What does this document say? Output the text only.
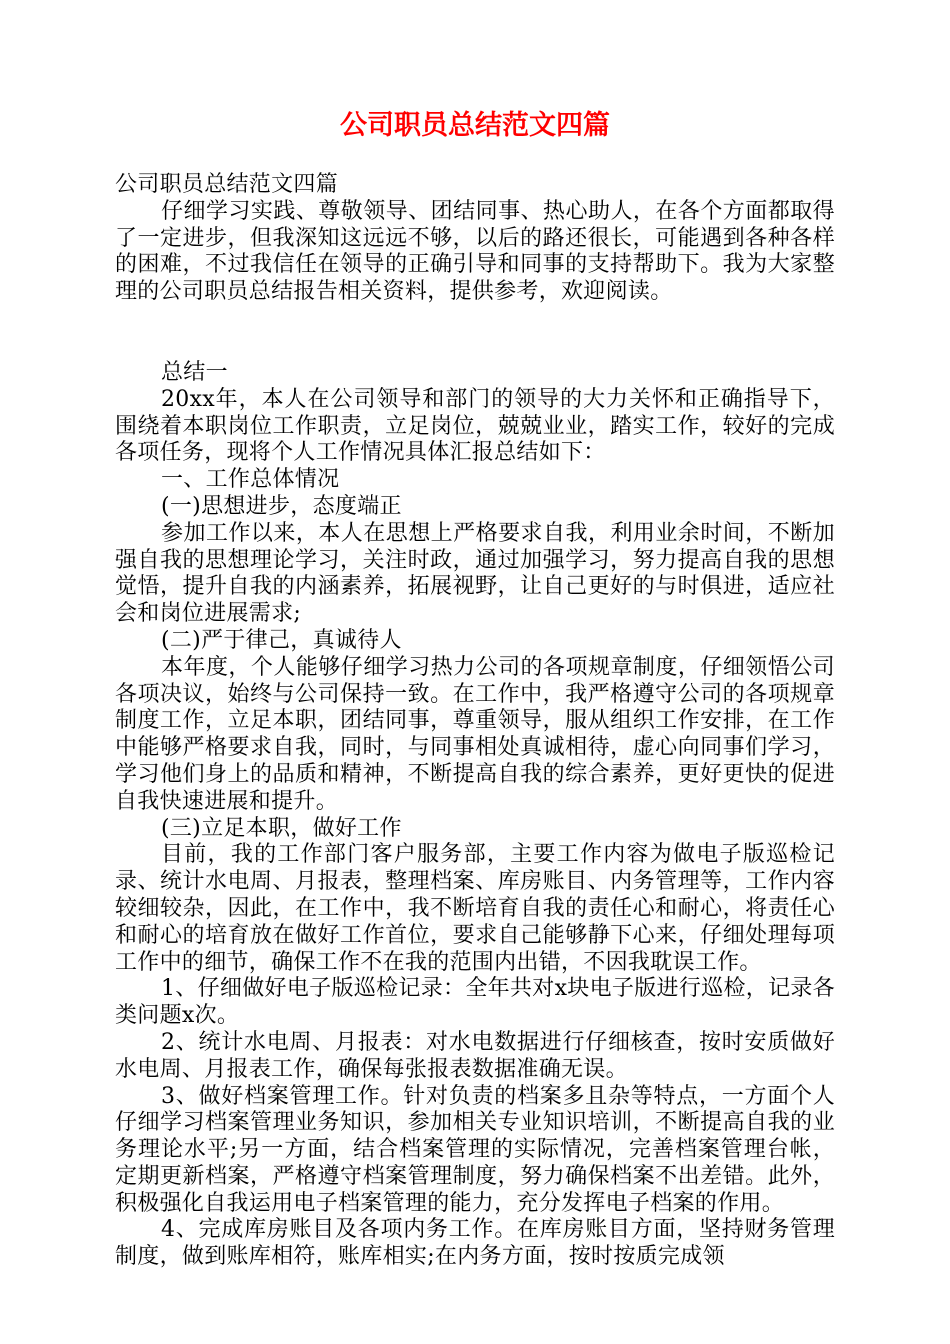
公司职员总结范文四篇

公司职员总结范文四篇

仔细学习实践、尊敬领导、团结同事、热心助人，在各个方面都取得了一定进步，但我深知这远远不够，以后的路还很长，可能遇到各种各样的困难，不过我信任在领导的正确引导和同事的支持帮助下。我为大家整理的公司职员总结报告相关资料，提供参考，欢迎阅读。

总结一

20xx年，本人在公司领导和部门的领导的大力关怀和正确指导下，围绕着本职岗位工作职责，立足岗位，兢兢业业，踏实工作，较好的完成各项任务，现将个人工作情况具体汇报总结如下：

一、工作总体情况

(一)思想进步，态度端正

参加工作以来，本人在思想上严格要求自我，利用业余时间，不断加强自我的思想理论学习，关注时政，通过加强学习，努力提高自我的思想觉悟，提升自我的内涵素养，拓展视野，让自己更好的与时俱进，适应社会和岗位进展需求;

(二)严于律己，真诚待人

本年度，个人能够仔细学习热力公司的各项规章制度，仔细领悟公司各项决议，始终与公司保持一致。在工作中，我严格遵守公司的各项规章制度工作，立足本职，团结同事，尊重领导，服从组织工作安排，在工作中能够严格要求自我，同时，与同事相处真诚相待，虚心向同事们学习，学习他们身上的品质和精神，不断提高自我的综合素养，更好更快的促进自我快速进展和提升。

(三)立足本职，做好工作

目前，我的工作部门客户服务部，主要工作内容为做电子版巡检记录、统计水电周、月报表，整理档案、库房账目、内务管理等，工作内容较细较杂，因此，在工作中，我不断培育自我的责任心和耐心，将责任心和耐心的培育放在做好工作首位，要求自己能够静下心来，仔细处理每项工作中的细节，确保工作不在我的范围内出错，不因我耽误工作。

1、仔细做好电子版巡检记录：全年共对x块电子版进行巡检，记录各类问题x次。

2、统计水电周、月报表：对水电数据进行仔细核查，按时安质做好水电周、月报表工作，确保每张报表数据准确无误。

3、做好档案管理工作。针对负责的档案多且杂等特点，一方面个人仔细学习档案管理业务知识，参加相关专业知识培训，不断提高自我的业务理论水平;另一方面，结合档案管理的实际情况，完善档案管理台帐，定期更新档案，严格遵守档案管理制度，努力确保档案不出差错。此外，积极强化自我运用电子档案管理的能力，充分发挥电子档案的作用。

4、完成库房账目及各项内务工作。在库房账目方面，坚持财务管理制度，做到账库相符，账库相实;在内务方面，按时按质完成领
